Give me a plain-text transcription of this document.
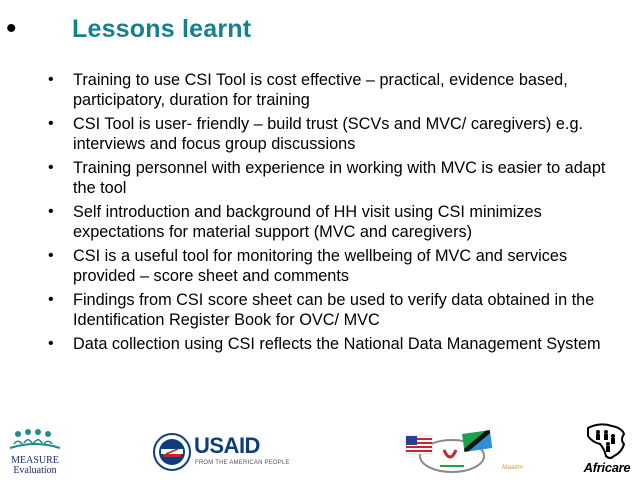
• Lessons learnt
• Training to use CSI Tool is cost effective – practical, evidence based, participatory, duration for training
• CSI Tool is user- friendly – build trust (SCVs and MVC/ caregivers) e.g. interviews and focus group discussions
• Training personnel with experience in working with MVC is easier to adapt the tool
• Self introduction and background of HH visit using CSI minimizes expectations for material support (MVC and caregivers)
• CSI is a useful tool for monitoring the wellbeing of MVC and services provided – score sheet and comments
• Findings from CSI score sheet can be used to verify data obtained in the Identification Register Book for OVC/ MVC
• Data collection using CSI reflects the National Data Management System
MEASURE
Evaluation
USAID
FROM THE AMERICAN PEOPLE
Maalim	Africare
